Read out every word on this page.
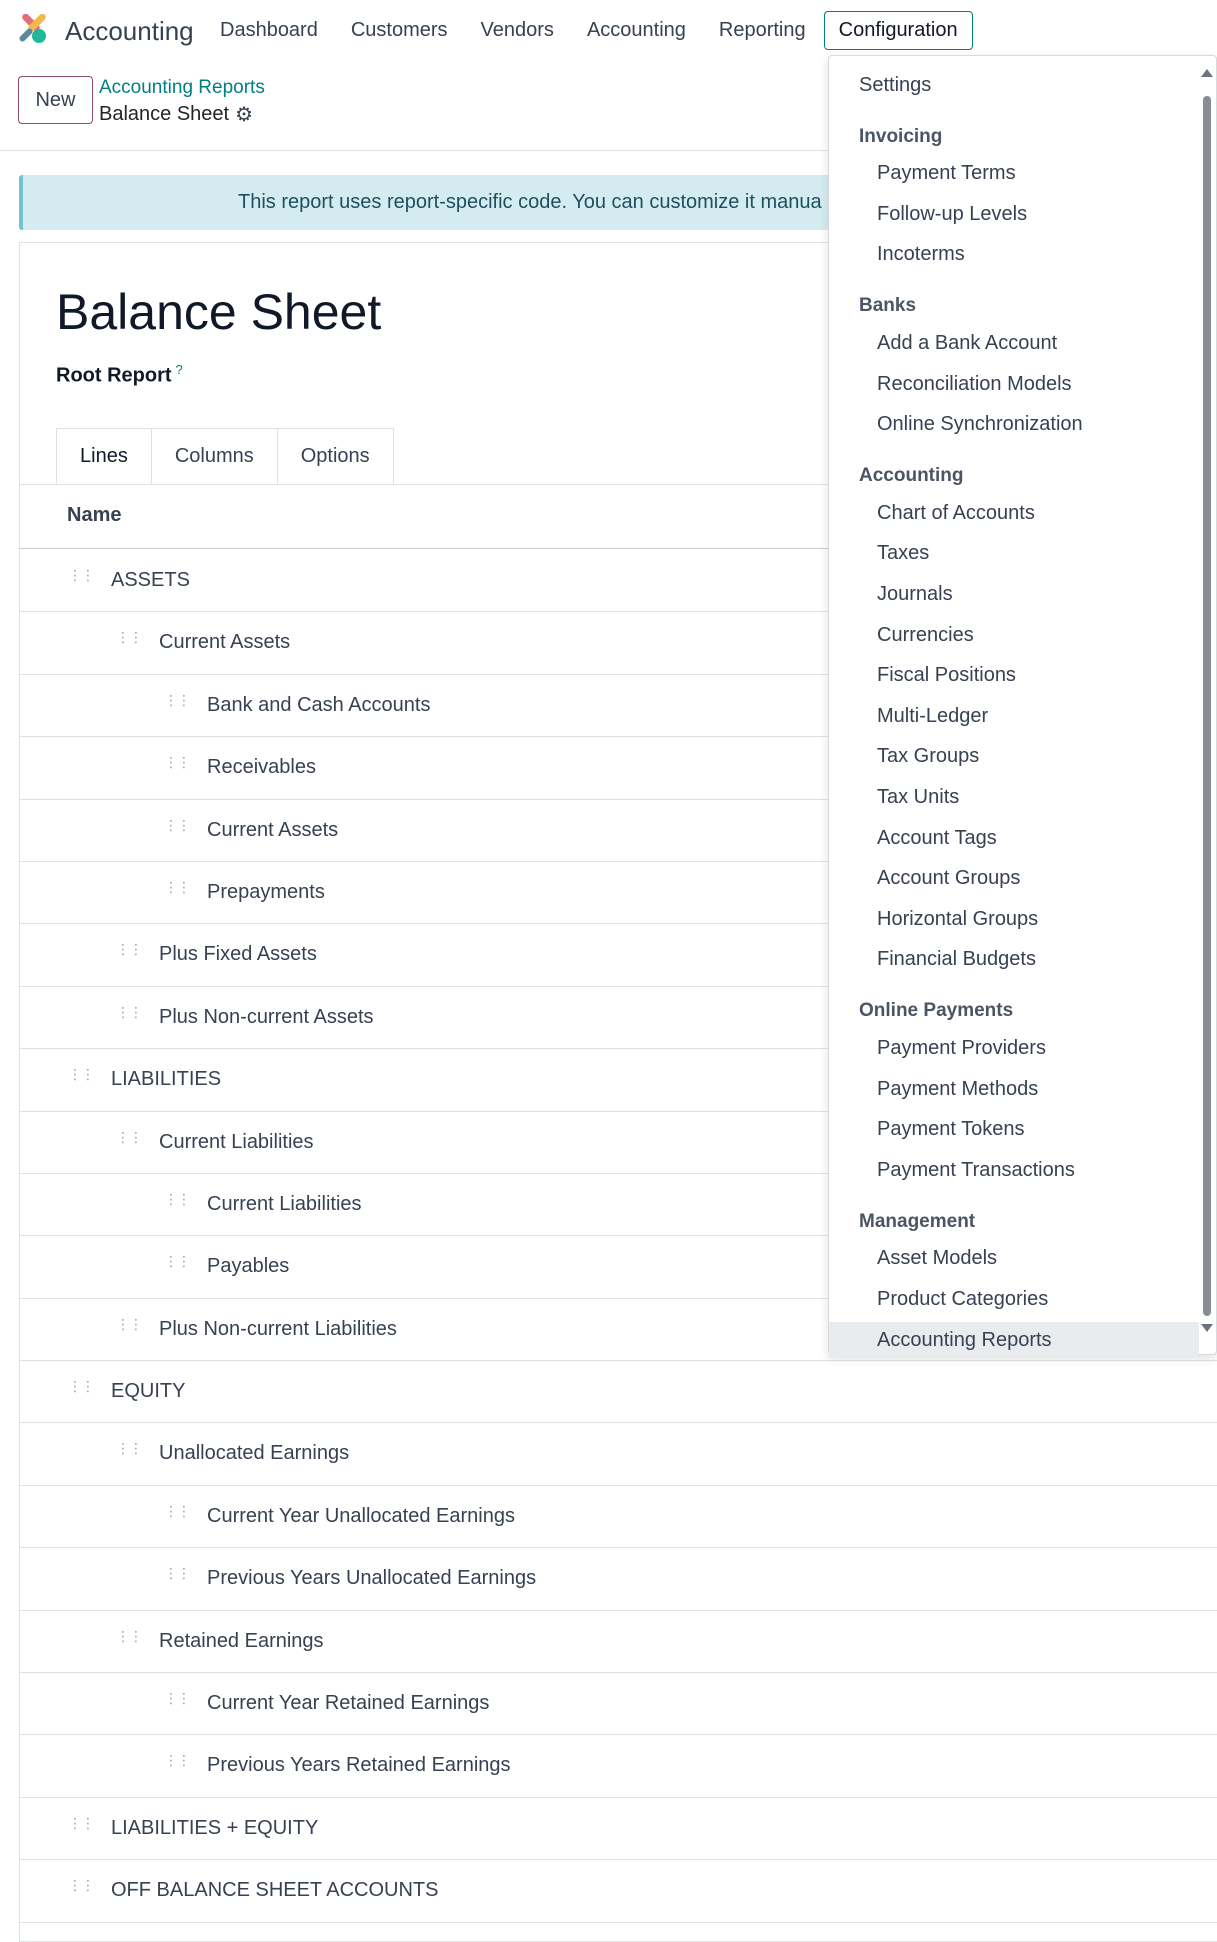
Accounting	Dashboard	Customers	Vendors	Accounting	Reporting	Configuration
New
Accounting Reports
Balance Sheet ⚙
This report uses report-specific code. You can customize it manua
Balance Sheet
Root Report ?
Lines	Columns	Options
Name
⋮⋮ ASSETS
⋮⋮ Current Assets
⋮⋮ Bank and Cash Accounts
⋮⋮ Receivables
⋮⋮ Current Assets
⋮⋮ Prepayments
⋮⋮ Plus Fixed Assets
⋮⋮ Plus Non-current Assets
⋮⋮ LIABILITIES
⋮⋮ Current Liabilities
⋮⋮ Current Liabilities
⋮⋮ Payables
⋮⋮ Plus Non-current Liabilities
⋮⋮ EQUITY
⋮⋮ Unallocated Earnings
⋮⋮ Current Year Unallocated Earnings
⋮⋮ Previous Years Unallocated Earnings
⋮⋮ Retained Earnings
⋮⋮ Current Year Retained Earnings
⋮⋮ Previous Years Retained Earnings
⋮⋮ LIABILITIES + EQUITY
⋮⋮ OFF BALANCE SHEET ACCOUNTS
Settings
Invoicing
Payment Terms
Follow-up Levels
Incoterms
Banks
Add a Bank Account
Reconciliation Models
Online Synchronization
Accounting
Chart of Accounts
Taxes
Journals
Currencies
Fiscal Positions
Multi-Ledger
Tax Groups
Tax Units
Account Tags
Account Groups
Horizontal Groups
Financial Budgets
Online Payments
Payment Providers
Payment Methods
Payment Tokens
Payment Transactions
Management
Asset Models
Product Categories
Accounting Reports
